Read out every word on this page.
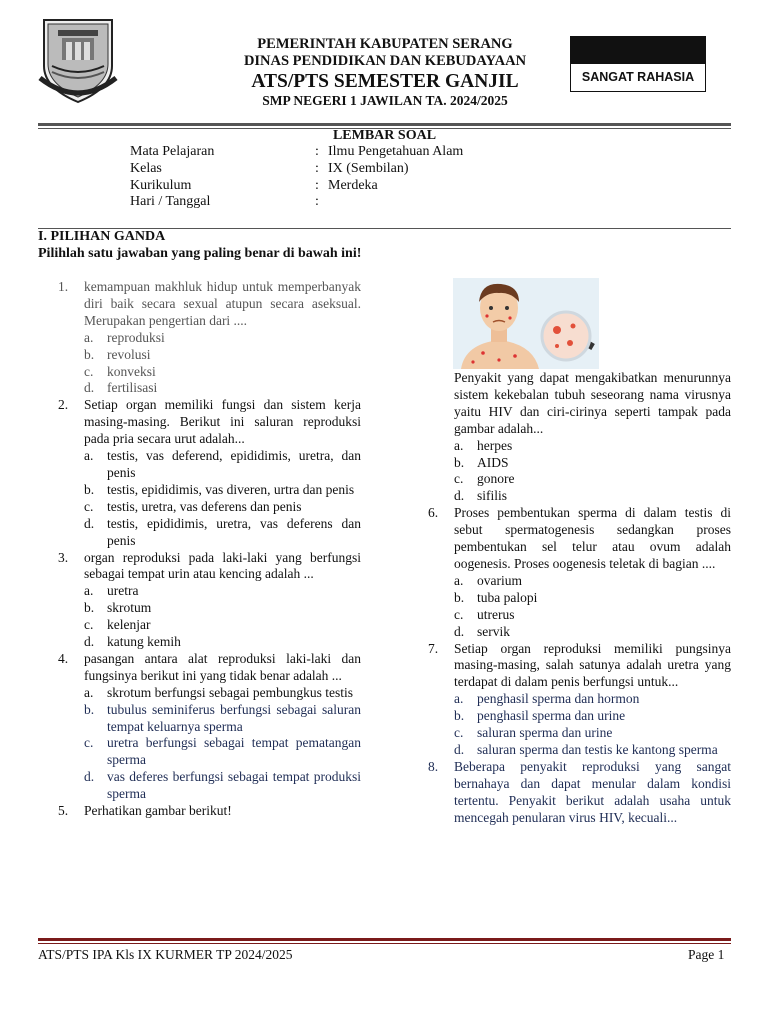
PEMERINTAH KABUPATEN SERANG
DINAS PENDIDIKAN DAN KEBUDAYAAN
ATS/PTS SEMESTER GANJIL
SMP NEGERI 1 JAWILAN TA. 2024/2025
SANGAT RAHASIA
LEMBAR SOAL
Mata Pelajaran	: Ilmu Pengetahuan Alam
Kelas	: IX (Sembilan)
Kurikulum	: Merdeka
Hari / Tanggal	:
I. PILIHAN GANDA
Pilihlah satu jawaban yang paling benar di bawah ini!
1.	kemampuan makhluk hidup untuk memperbanyak diri baik secara sexual atupun secara aseksual. Merupakan pengertian dari ....
a.	reproduksi
b. revolusi
c.	konveksi
d. fertilisasi
2.	Setiap organ memiliki fungsi dan sistem kerja masing-masing. Berikut ini saluran reproduksi pada pria secara urut adalah...
a.	testis, vas deferend, epididimis, uretra, dan penis
b. testis, epididimis, vas diveren, urtra dan penis
c.	testis, uretra, vas deferens dan penis
d. testis, epididimis, uretra, vas deferens dan penis
3.	organ reproduksi pada laki-laki yang berfungsi sebagai tempat urin atau kencing adalah ...
a.	uretra
b. skrotum
c.	kelenjar
d. katung kemih
4.	pasangan antara alat reproduksi laki-laki dan fungsinya berikut ini yang tidak benar adalah ...
a.	skrotum berfungsi sebagai pembungkus testis
b. tubulus seminiferus berfungsi sebagai saluran tempat keluarnya sperma
c.	uretra berfungsi sebagai tempat pematangan sperma
d. vas deferes berfungsi sebagai tempat produksi sperma
5.	Perhatikan gambar berikut!
Penyakit yang dapat mengakibatkan menurunnya sistem kekebalan tubuh seseorang nama virusnya yaitu HIV dan ciri-cirinya seperti tampak pada gambar adalah...
a.	herpes
b. AIDS
c.	gonore
d. sifilis
6.	Proses pembentukan sperma di dalam testis di sebut spermatogenesis sedangkan proses pembentukan sel telur atau ovum adalah oogenesis. Proses oogenesis teletak di bagian ....
a.	ovarium
b. tuba palopi
c.	utrerus
d. servik
7.	Setiap organ reproduksi memiliki pungsinya masing-masing, salah satunya adalah uretra yang terdapat di dalam penis berfungsi untuk...
a.	penghasil sperma dan hormon
b. penghasil sperma dan urine
c.	saluran sperma dan urine
d. saluran sperma dan testis ke kantong sperma
8.	Beberapa penyakit reproduksi yang sangat bernahaya dan dapat menular dalam kondisi tertentu. Penyakit berikut adalah usaha untuk mencegah penularan virus HIV, kecuali...
ATS/PTS IPA Kls IX KURMER TP 2024/2025	Page 1
